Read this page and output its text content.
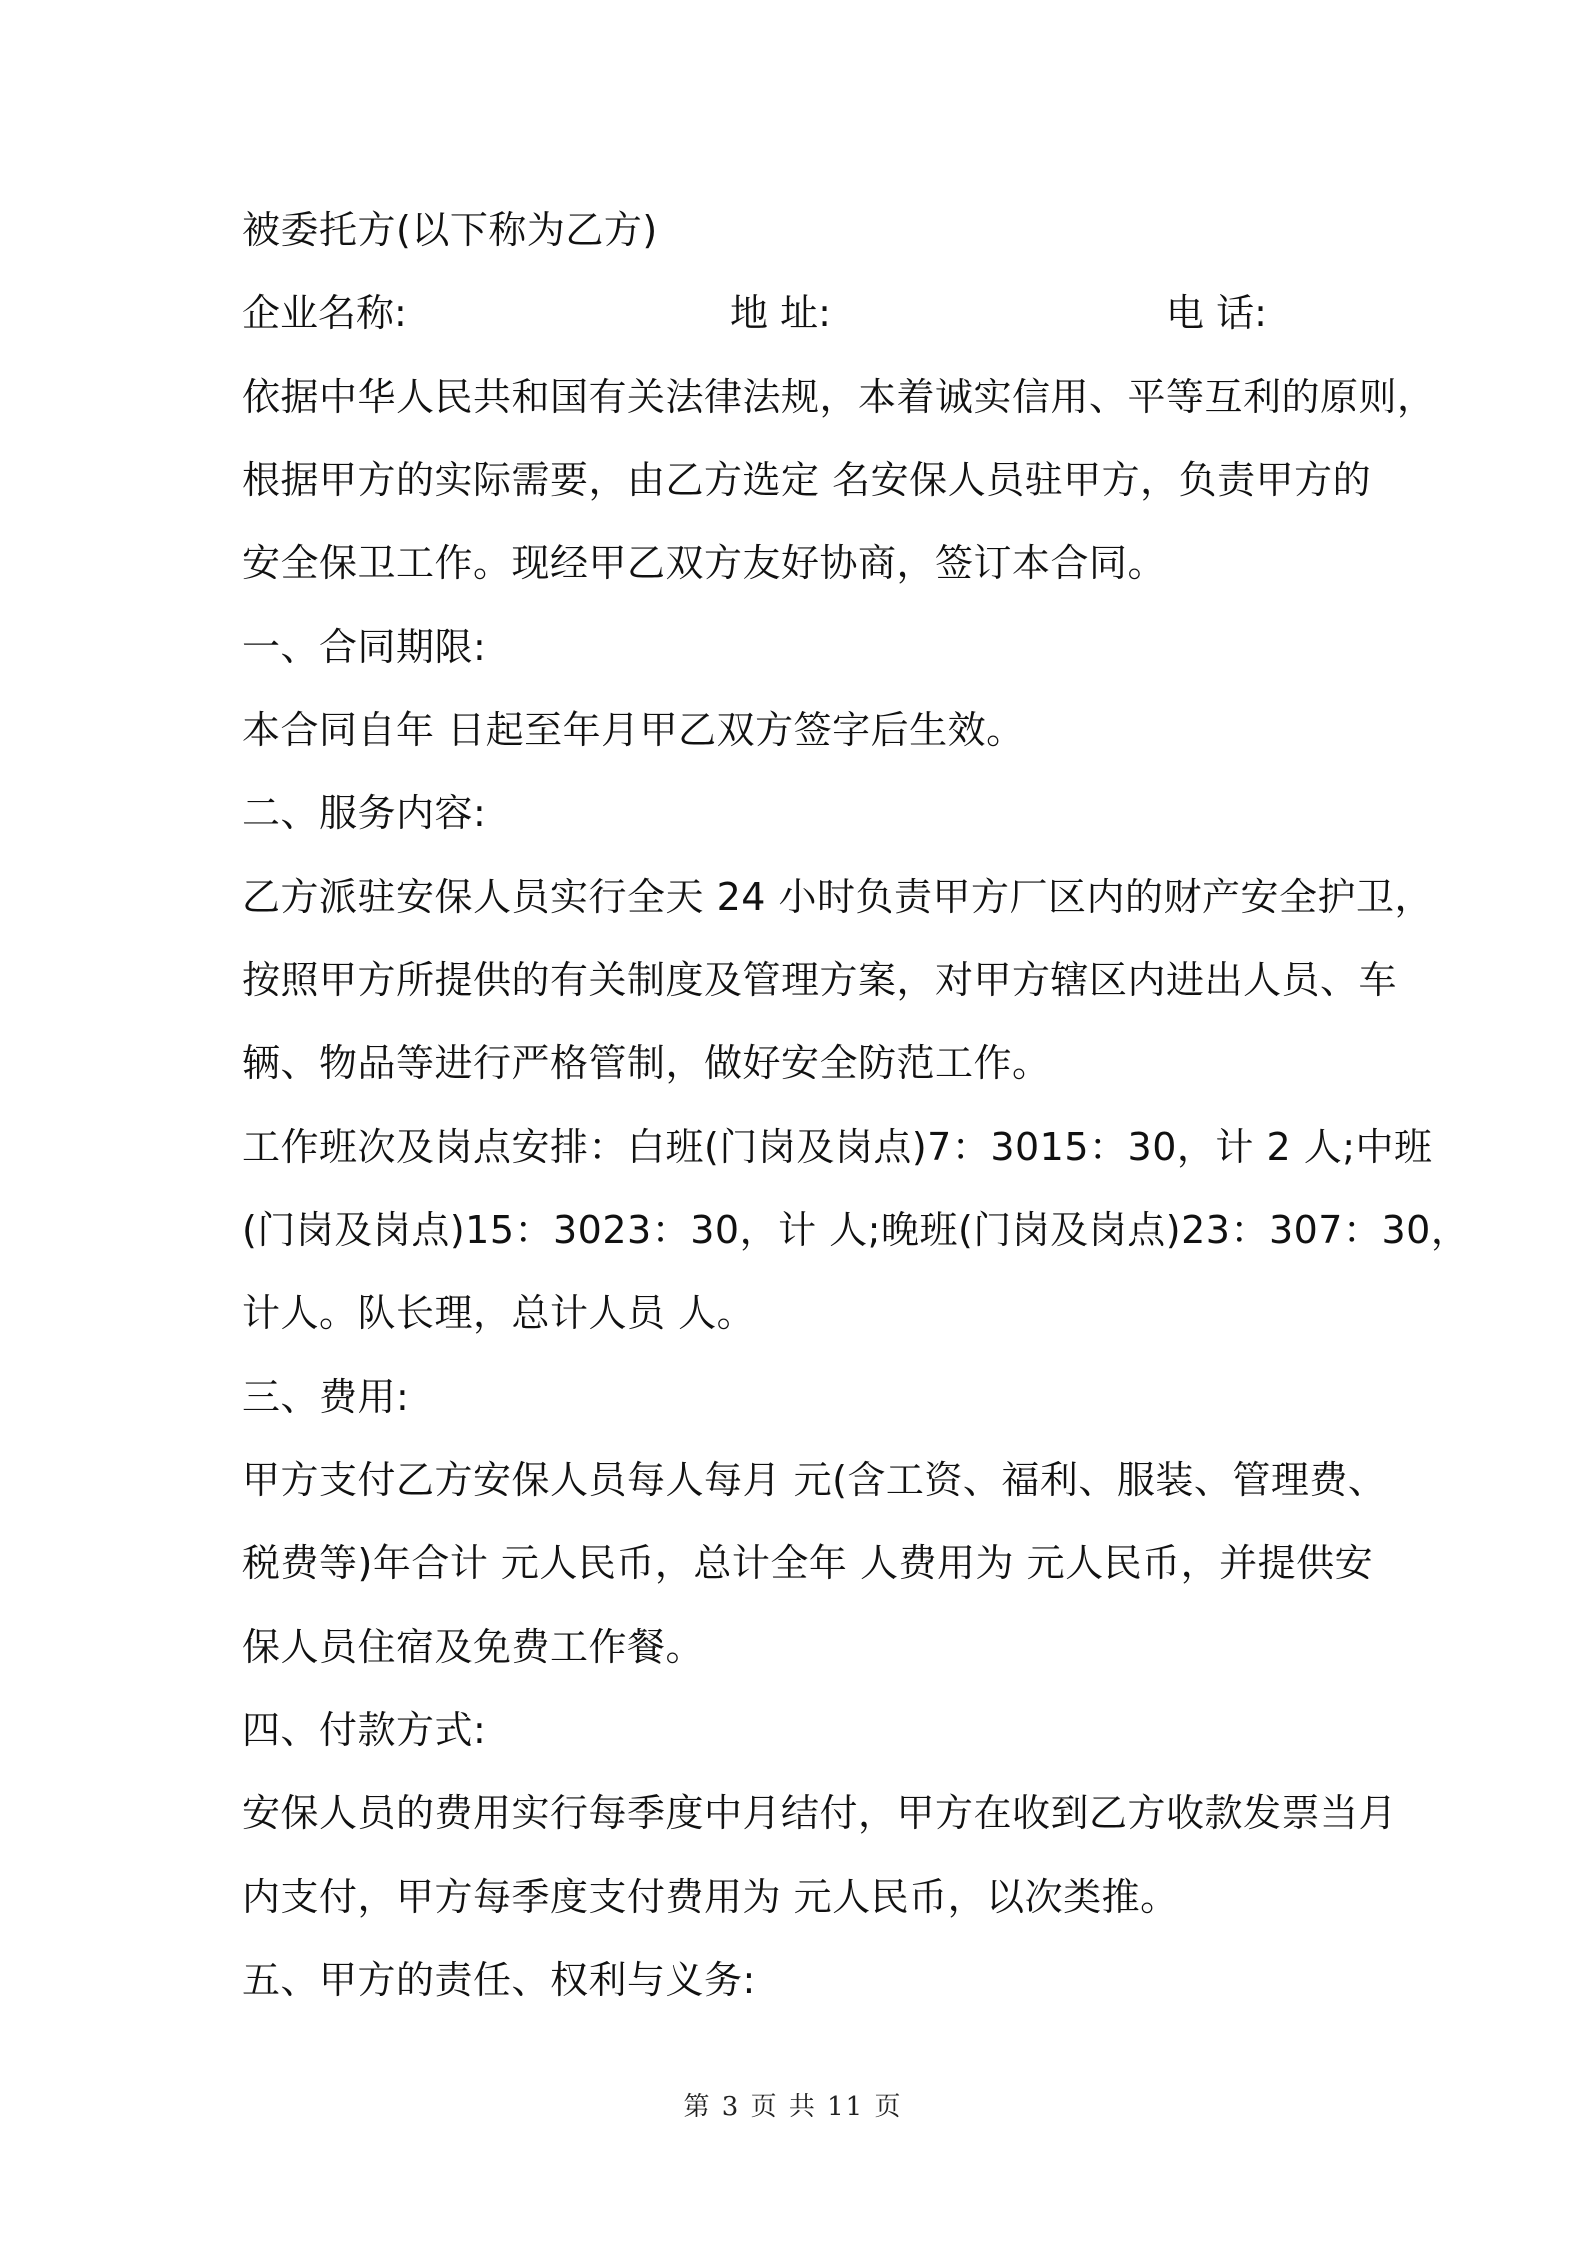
被委托方(以下称为乙方)
企业名称:	地 址:	电 话:
依据中华人民共和国有关法律法规，本着诚实信用、平等互利的原则，
根据甲方的实际需要，由乙方选定 名安保人员驻甲方，负责甲方的
安全保卫工作。现经甲乙双方友好协商，签订本合同。
一、合同期限:
本合同自年 日起至年月甲乙双方签字后生效。
二、服务内容:
乙方派驻安保人员实行全天 24 小时负责甲方厂区内的财产安全护卫，
按照甲方所提供的有关制度及管理方案，对甲方辖区内进出人员、车
辆、物品等进行严格管制，做好安全防范工作。
工作班次及岗点安排：白班(门岗及岗点)7：3015：30，计 2 人;中班
(门岗及岗点)15：3023：30，计 人;晚班(门岗及岗点)23：307：30，
计人。队长理，总计人员 人。
三、费用:
甲方支付乙方安保人员每人每月 元(含工资、福利、服装、管理费、
税费等)年合计 元人民币，总计全年 人费用为 元人民币，并提供安
保人员住宿及免费工作餐。
四、付款方式:
安保人员的费用实行每季度中月结付，甲方在收到乙方收款发票当月
内支付，甲方每季度支付费用为 元人民币，以次类推。
五、甲方的责任、权利与义务:
第 3 页 共 11 页
